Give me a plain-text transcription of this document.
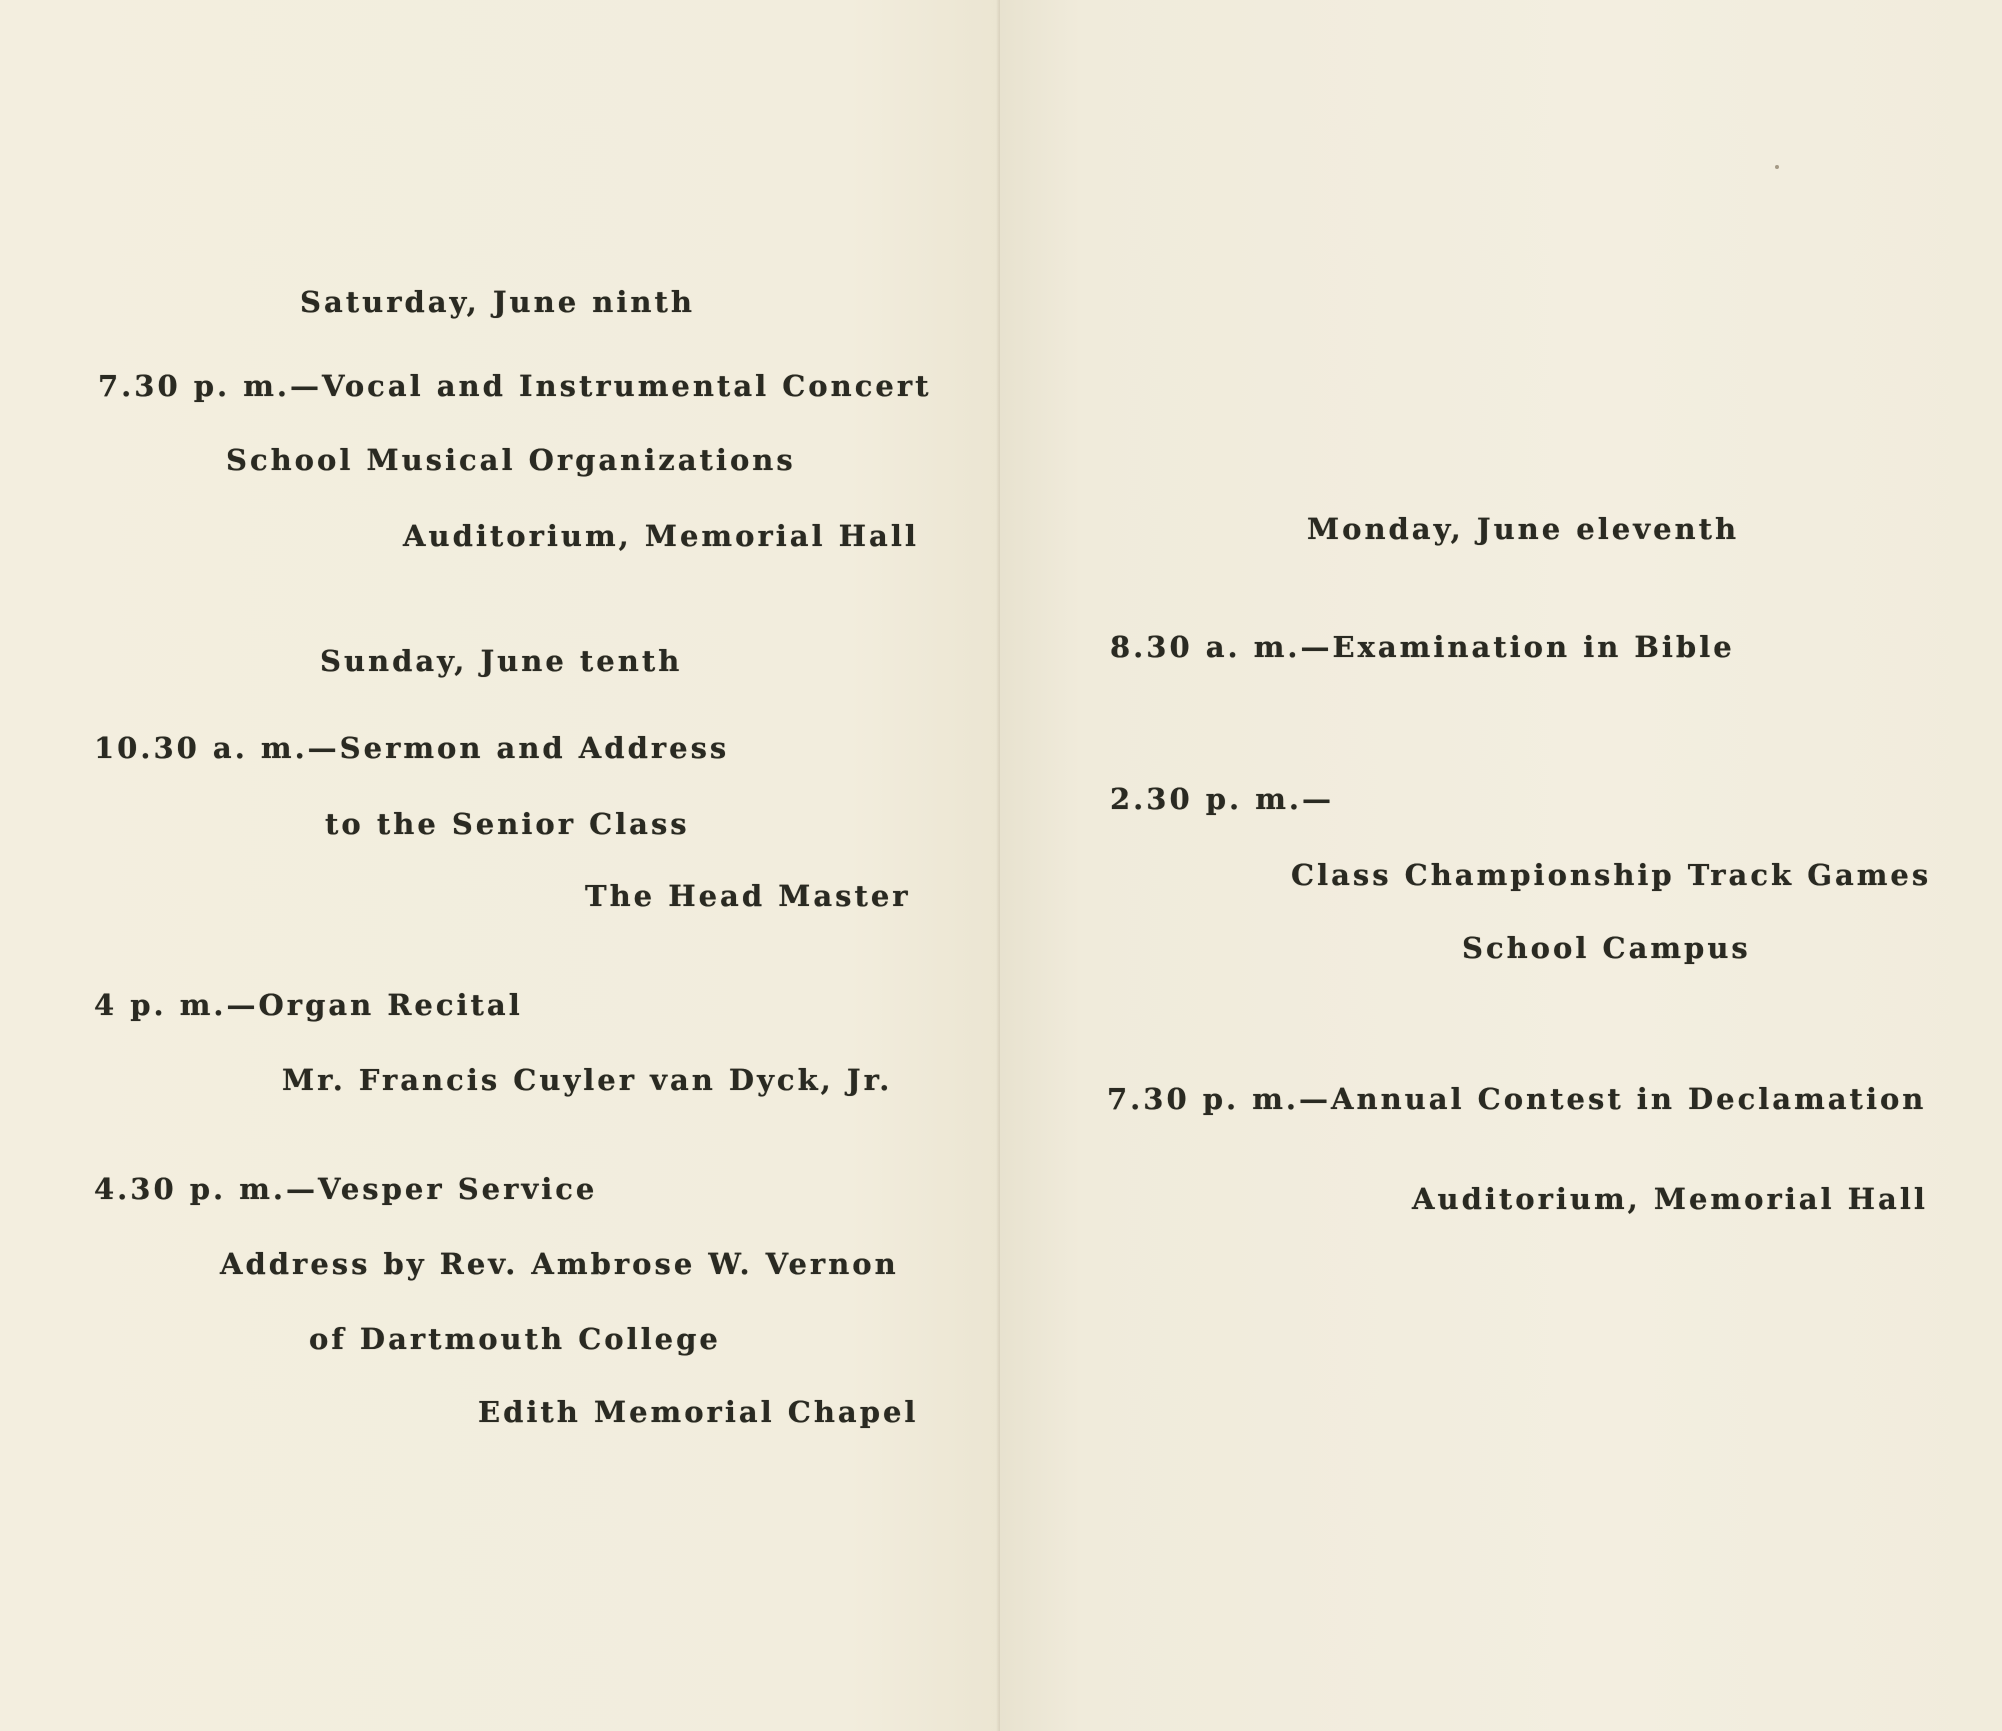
Saturday, June ninth

7.30 p. m.—Vocal and Instrumental Concert

School Musical Organizations

Auditorium, Memorial Hall

Sunday, June tenth

10.30 a. m.—Sermon and Address

to the Senior Class

The Head Master

4 p. m.—Organ Recital

Mr. Francis Cuyler van Dyck, Jr.

4.30 p. m.—Vesper Service

Address by Rev. Ambrose W. Vernon

of Dartmouth College

Edith Memorial Chapel

Monday, June eleventh

8.30 a. m.—Examination in Bible

2.30 p. m.—

Class Championship Track Games

School Campus

7.30 p. m.—Annual Contest in Declamation

Auditorium, Memorial Hall
